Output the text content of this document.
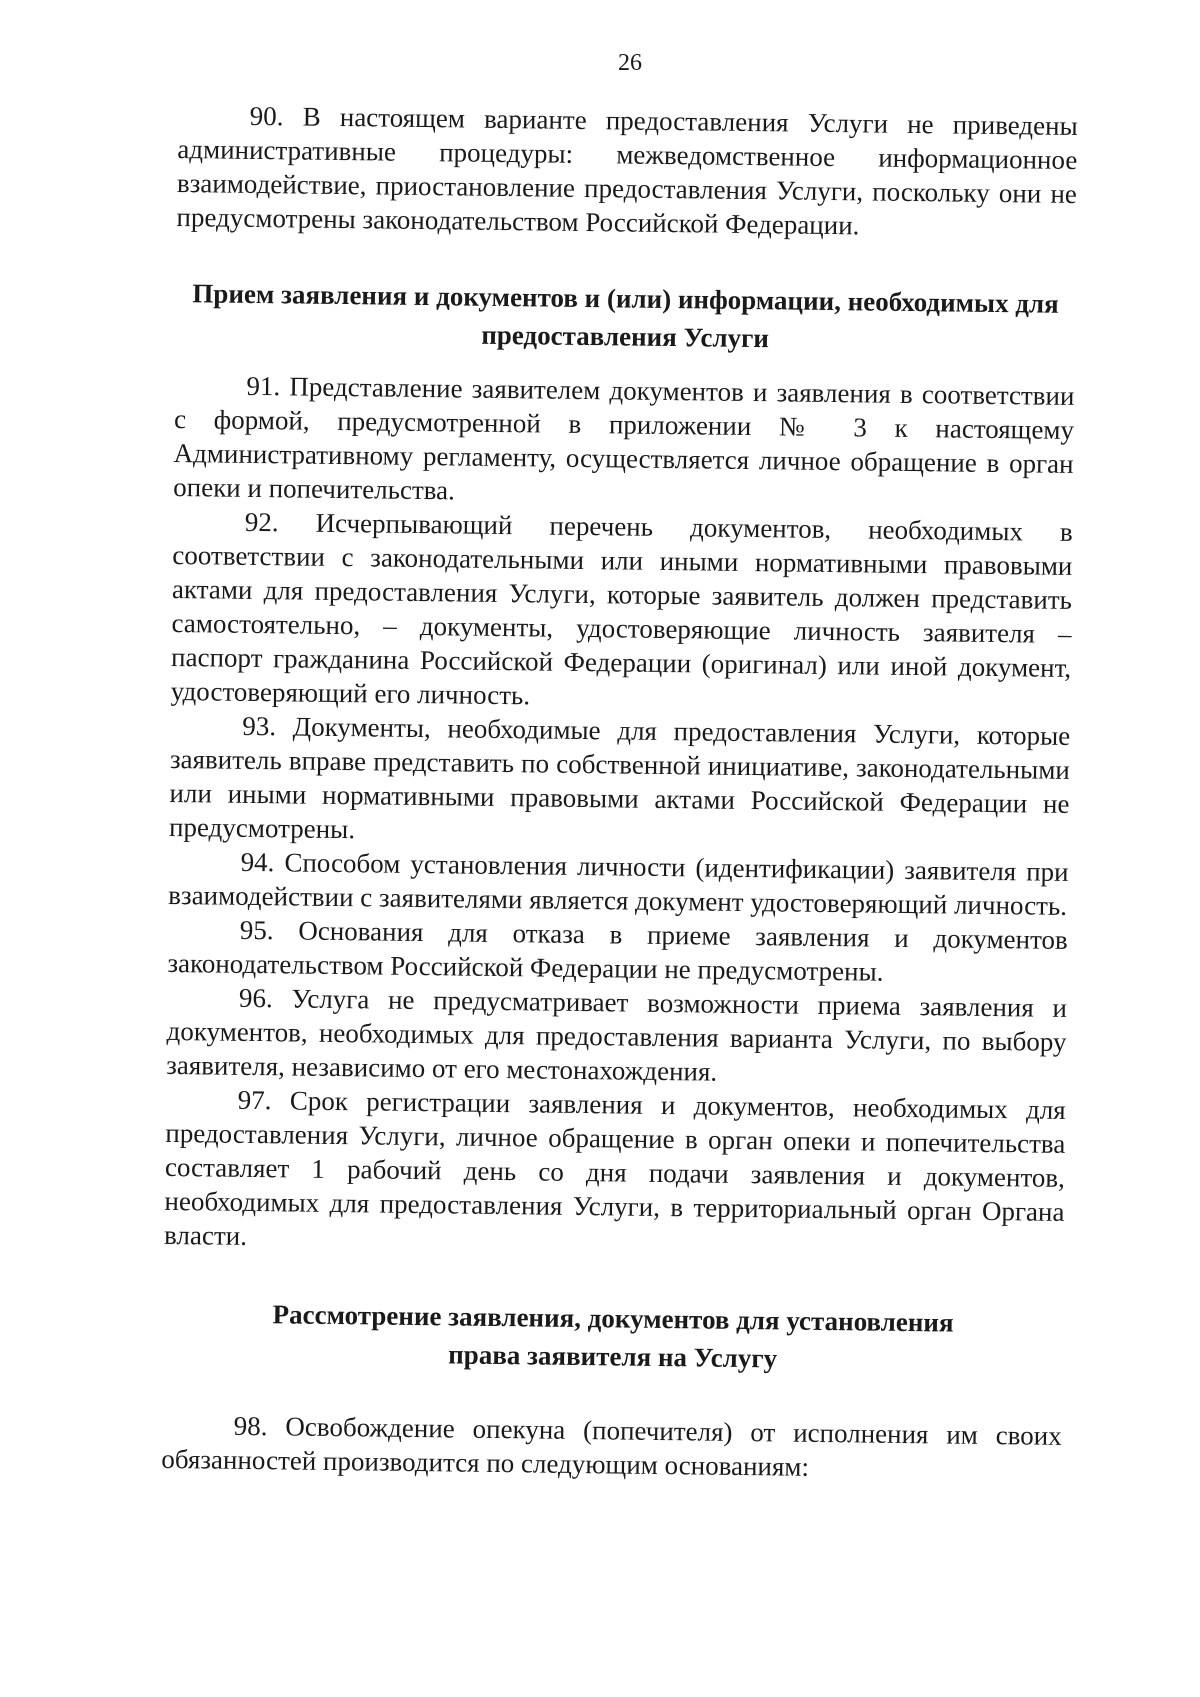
26

90. В настоящем варианте предоставления Услуги не приведены административные процедуры: межведомственное информационное взаимодействие, приостановление предоставления Услуги, поскольку они не предусмотрены законодательством Российской Федерации.

Прием заявления и документов и (или) информации, необходимых для

предоставления Услуги

91. Представление заявителем документов и заявления в соответствии с формой, предусмотренной в приложении № 3 к настоящему Административному регламенту, осуществляется личное обращение в орган опеки и попечительства.

92. Исчерпывающий перечень документов, необходимых в соответствии с законодательными или иными нормативными правовыми актами для предоставления Услуги, которые заявитель должен представить самостоятельно, – документы, удостоверяющие личность заявителя – паспорт гражданина Российской Федерации (оригинал) или иной документ, удостоверяющий его личность.

93. Документы, необходимые для предоставления Услуги, которые заявитель вправе представить по собственной инициативе, законодательными или иными нормативными правовыми актами Российской Федерации не предусмотрены.

94. Способом установления личности (идентификации) заявителя при взаимодействии с заявителями является документ удостоверяющий личность.

95. Основания для отказа в приеме заявления и документов законодательством Российской Федерации не предусмотрены.

96. Услуга не предусматривает возможности приема заявления и документов, необходимых для предоставления варианта Услуги, по выбору заявителя, независимо от его местонахождения.

97. Срок регистрации заявления и документов, необходимых для предоставления Услуги, личное обращение в орган опеки и попечительства составляет 1 рабочий день со дня подачи заявления и документов, необходимых для предоставления Услуги, в территориальный орган Органа власти.

Рассмотрение заявления, документов для установления

права заявителя на Услугу

98. Освобождение опекуна (попечителя) от исполнения им своих обязанностей производится по следующим основаниям:
